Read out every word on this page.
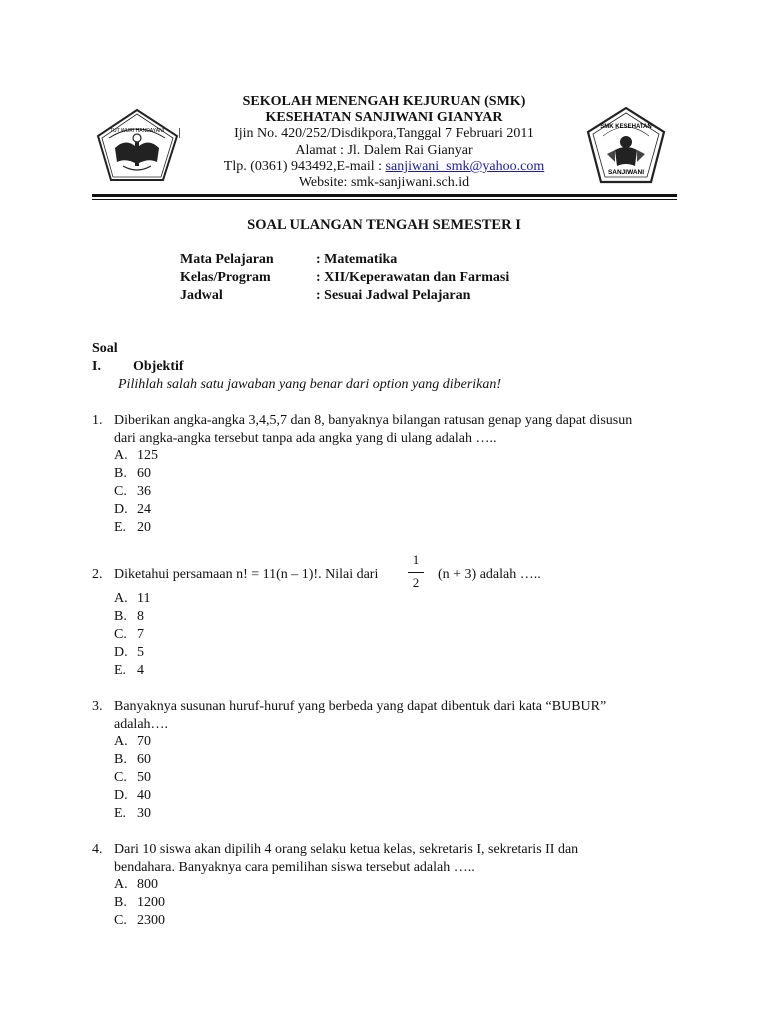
TUT WURI HANDAYANI
SMK KESEHATAN
SANJIWANI
SEKOLAH MENENGAH KEJURUAN (SMK)
KESEHATAN SANJIWANI GIANYAR
Ijin No. 420/252/Disdikpora,Tanggal 7 Februari 2011
Alamat : Jl. Dalem Rai Gianyar
Tlp. (0361) 943492,E-mail : sanjiwani_smk@yahoo.com
Website: smk-sanjiwani.sch.id
SOAL ULANGAN TENGAH SEMESTER I
Mata Pelajaran	: Matematika
Kelas/Program	: XII/Keperawatan dan Farmasi
Jadwal	: Sesuai Jadwal Pelajaran
Soal
I. Objektif
Pilihlah salah satu jawaban yang benar dari option yang diberikan!
1. Diberikan angka-angka 3,4,5,7 dan 8, banyaknya bilangan ratusan genap yang dapat disusun
dari angka-angka tersebut tanpa ada angka yang di ulang adalah …..
A. 125
B. 60
C. 36
D. 24
E. 20
2. Diketahui persamaan n! = 11(n – 1)!. Nilai dari
1
2
(n + 3) adalah …..
A. 11
B. 8
C. 7
D. 5
E. 4
3. Banyaknya susunan huruf-huruf yang berbeda yang dapat dibentuk dari kata “BUBUR”
adalah….
A. 70
B. 60
C. 50
D. 40
E. 30
4. Dari 10 siswa akan dipilih 4 orang selaku ketua kelas, sekretaris I, sekretaris II dan
bendahara. Banyaknya cara pemilihan siswa tersebut adalah …..
A. 800
B. 1200
C. 2300
